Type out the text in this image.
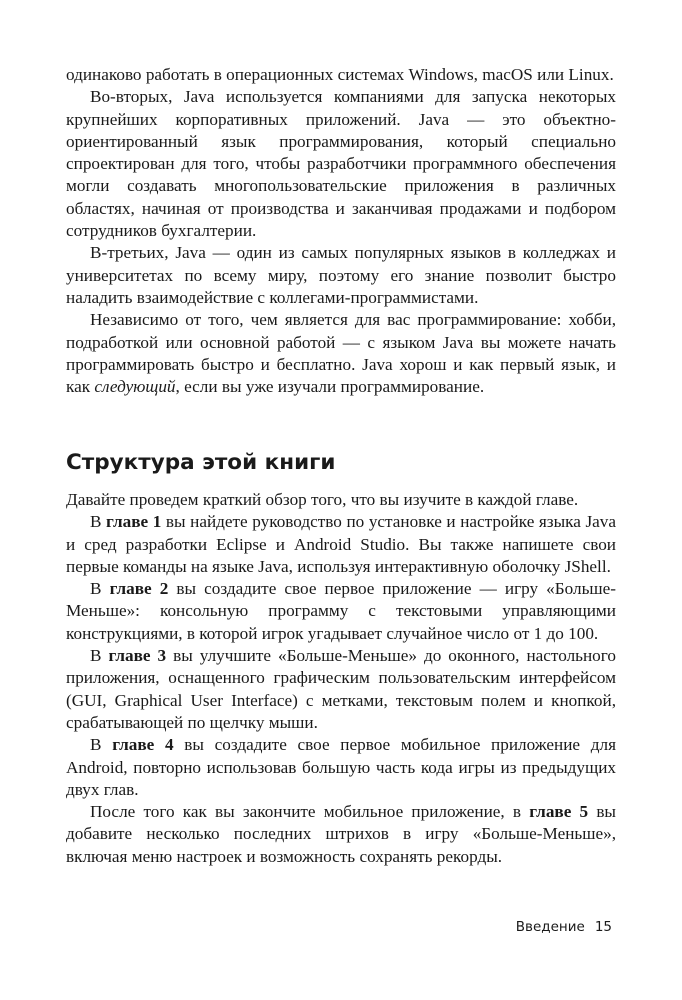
одинаково работать в операционных системах Windows, macOS или Linux.

Во-вторых, Java используется компаниями для запуска некоторых крупнейших корпоративных приложений. Java — это объектно-ориентированный язык программирования, который специально спроектирован для того, чтобы разработчики программного обеспечения могли создавать многопользовательские приложения в различных областях, начиная от производства и заканчивая продажами и подбором сотрудников бухгалтерии.

В-третьих, Java — один из самых популярных языков в колледжах и университетах по всему миру, поэтому его знание позволит быстро наладить взаимодействие с коллегами-программистами.

Независимо от того, чем является для вас программирование: хобби, подработкой или основной работой — с языком Java вы можете начать программировать быстро и бесплатно. Java хорош и как первый язык, и как следующий, если вы уже изучали программирование.

Структура этой книги

Давайте проведем краткий обзор того, что вы изучите в каждой главе.

В главе 1 вы найдете руководство по установке и настройке языка Java и сред разработки Eclipse и Android Studio. Вы также напишете свои первые команды на языке Java, используя интерактивную оболочку JShell.

В главе 2 вы создадите свое первое приложение — игру «Больше-Меньше»: консольную программу с текстовыми управляющими конструкциями, в которой игрок угадывает случайное число от 1 до 100.

В главе 3 вы улучшите «Больше-Меньше» до оконного, настольного приложения, оснащенного графическим пользовательским интерфейсом (GUI, Graphical User Interface) с метками, текстовым полем и кнопкой, срабатывающей по щелчку мыши.

В главе 4 вы создадите свое первое мобильное приложение для Android, повторно использовав большую часть кода игры из предыдущих двух глав.

После того как вы закончите мобильное приложение, в главе 5 вы добавите несколько последних штрихов в игру «Больше-Меньше», включая меню настроек и возможность сохранять рекорды.

Введение 15
